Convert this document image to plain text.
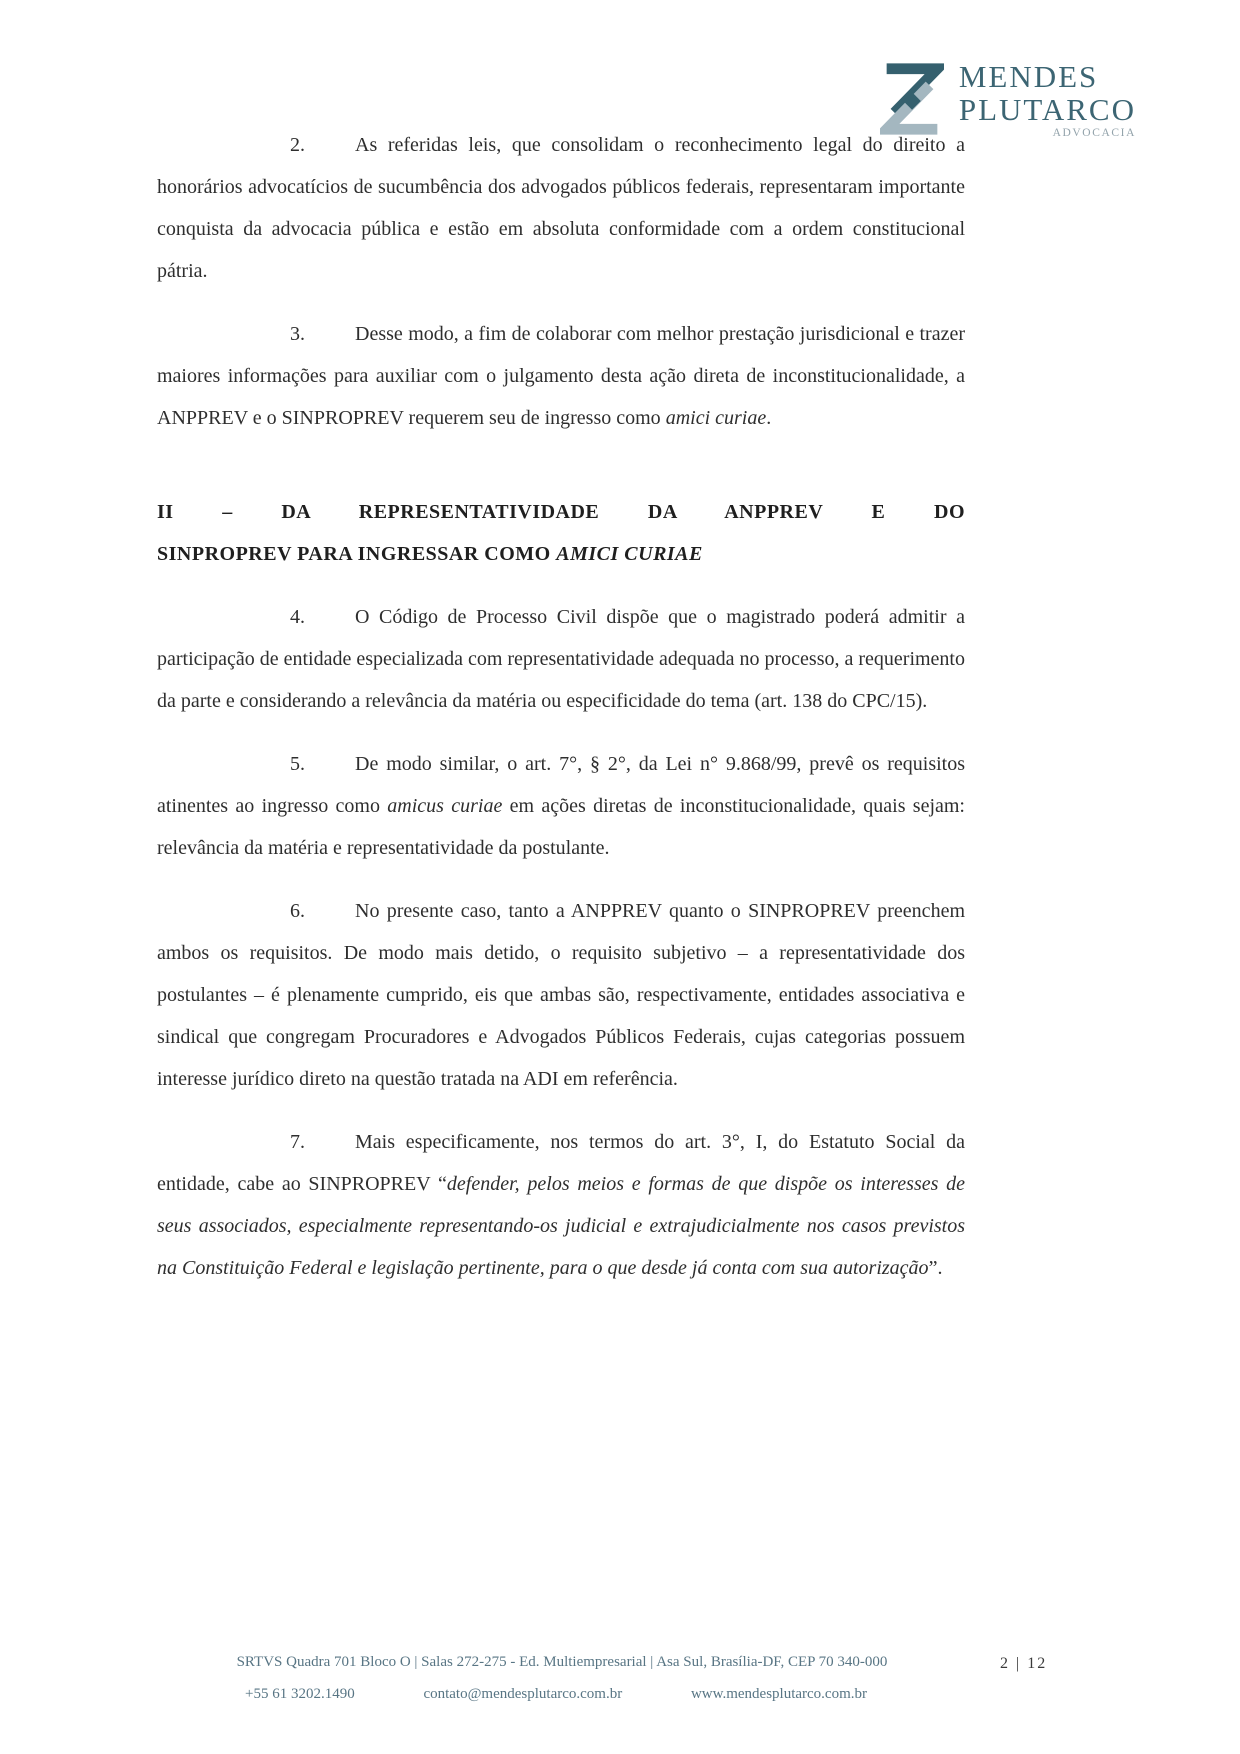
MENDES
PLUTARCO
ADVOCACIA

2.	As referidas leis, que consolidam o reconhecimento legal do direito a honorários advocatícios de sucumbência dos advogados públicos federais, representaram importante conquista da advocacia pública e estão em absoluta conformidade com a ordem constitucional pátria.

3.	Desse modo, a fim de colaborar com melhor prestação jurisdicional e trazer maiores informações para auxiliar com o julgamento desta ação direta de inconstitucionalidade, a ANPPREV e o SINPROPREV requerem seu de ingresso como amici curiae.

II – DA REPRESENTATIVIDADE DA ANPPREV E DO
SINPROPREV PARA INGRESSAR COMO AMICI CURIAE

4.	O Código de Processo Civil dispõe que o magistrado poderá admitir a participação de entidade especializada com representatividade adequada no processo, a requerimento da parte e considerando a relevância da matéria ou especificidade do tema (art. 138 do CPC/15).

5.	De modo similar, o art. 7°, § 2°, da Lei n° 9.868/99, prevê os requisitos atinentes ao ingresso como amicus curiae em ações diretas de inconstitucionalidade, quais sejam: relevância da matéria e representatividade da postulante.

6.	No presente caso, tanto a ANPPREV quanto o SINPROPREV preenchem ambos os requisitos. De modo mais detido, o requisito subjetivo – a representatividade dos postulantes – é plenamente cumprido, eis que ambas são, respectivamente, entidades associativa e sindical que congregam Procuradores e Advogados Públicos Federais, cujas categorias possuem interesse jurídico direto na questão tratada na ADI em referência.

7.	Mais especificamente, nos termos do art. 3°, I, do Estatuto Social da entidade, cabe ao SINPROPREV “defender, pelos meios e formas de que dispõe os interesses de seus associados, especialmente representando-os judicial e extrajudicialmente nos casos previstos na Constituição Federal e legislação pertinente, para o que desde já conta com sua autorização”.

SRTVS Quadra 701 Bloco O | Salas 272-275 - Ed. Multiempresarial | Asa Sul, Brasília-DF, CEP 70 340-000
+55 61 3202.1490	contato@mendesplutarco.com.br	www.mendesplutarco.com.br
2 | 12
